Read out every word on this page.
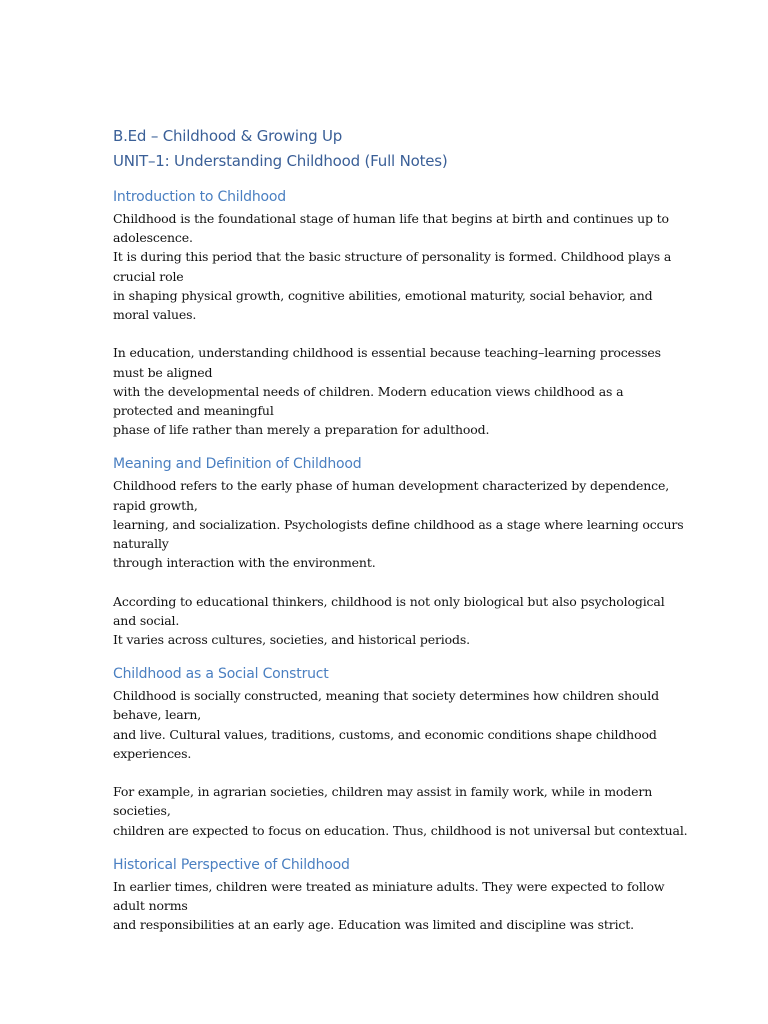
B.Ed – Childhood & Growing Up
UNIT–1: Understanding Childhood (Full Notes)
Introduction to Childhood
Childhood is the foundational stage of human life that begins at birth and continues up to
adolescence.
It is during this period that the basic structure of personality is formed. Childhood plays a
crucial role
in shaping physical growth, cognitive abilities, emotional maturity, social behavior, and
moral values.
In education, understanding childhood is essential because teaching–learning processes
must be aligned
with the developmental needs of children. Modern education views childhood as a
protected and meaningful
phase of life rather than merely a preparation for adulthood.
Meaning and Definition of Childhood
Childhood refers to the early phase of human development characterized by dependence,
rapid growth,
learning, and socialization. Psychologists define childhood as a stage where learning occurs
naturally
through interaction with the environment.
According to educational thinkers, childhood is not only biological but also psychological
and social.
It varies across cultures, societies, and historical periods.
Childhood as a Social Construct
Childhood is socially constructed, meaning that society determines how children should
behave, learn,
and live. Cultural values, traditions, customs, and economic conditions shape childhood
experiences.
For example, in agrarian societies, children may assist in family work, while in modern
societies,
children are expected to focus on education. Thus, childhood is not universal but contextual.
Historical Perspective of Childhood
In earlier times, children were treated as miniature adults. They were expected to follow
adult norms
and responsibilities at an early age. Education was limited and discipline was strict.
